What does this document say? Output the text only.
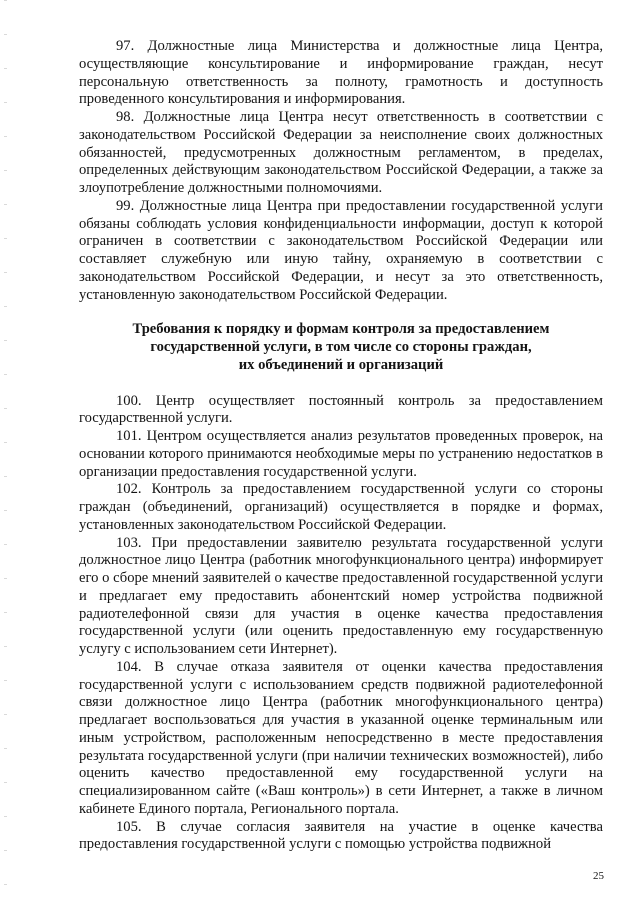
97. Должностные лица Министерства и должностные лица Центра, осуществляющие консультирование и информирование граждан, несут персональную ответственность за полноту, грамотность и доступность проведенного консультирования и информирования.

98. Должностные лица Центра несут ответственность в соответствии с законодательством Российской Федерации за неисполнение своих должностных обязанностей, предусмотренных должностным регламентом, в пределах, определенных действующим законодательством Российской Федерации, а также за злоупотребление должностными полномочиями.

99. Должностные лица Центра при предоставлении государственной услуги обязаны соблюдать условия конфиденциальности информации, доступ к которой ограничен в соответствии с законодательством Российской Федерации или составляет служебную или иную тайну, охраняемую в соответствии с законодательством Российской Федерации, и несут за это ответственность, установленную законодательством Российской Федерации.

Требования к порядку и формам контроля за предоставлением

государственной услуги, в том числе со стороны граждан,

их объединений и организаций

100. Центр осуществляет постоянный контроль за предоставлением государственной услуги.

101. Центром осуществляется анализ результатов проведенных проверок, на основании которого принимаются необходимые меры по устранению недостатков в организации предоставления государственной услуги.

102. Контроль за предоставлением государственной услуги со стороны граждан (объединений, организаций) осуществляется в порядке и формах, установленных законодательством Российской Федерации.

103. При предоставлении заявителю результата государственной услуги должностное лицо Центра (работник многофункционального центра) информирует его о сборе мнений заявителей о качестве предоставленной государственной услуги и предлагает ему предоставить абонентский номер устройства подвижной радиотелефонной связи для участия в оценке качества предоставления государственной услуги (или оценить предоставленную ему государственную услугу с использованием сети Интернет).

104. В случае отказа заявителя от оценки качества предоставления государственной услуги с использованием средств подвижной радиотелефонной связи должностное лицо Центра (работник многофункционального центра) предлагает воспользоваться для участия в указанной оценке терминальным или иным устройством, расположенным непосредственно в месте предоставления результата государственной услуги (при наличии технических возможностей), либо оценить качество предоставленной ему государственной услуги на специализированном сайте («Ваш контроль») в сети Интернет, а также в личном кабинете Единого портала, Регионального портала.

105. В случае согласия заявителя на участие в оценке качества предоставления государственной услуги с помощью устройства подвижной

25
